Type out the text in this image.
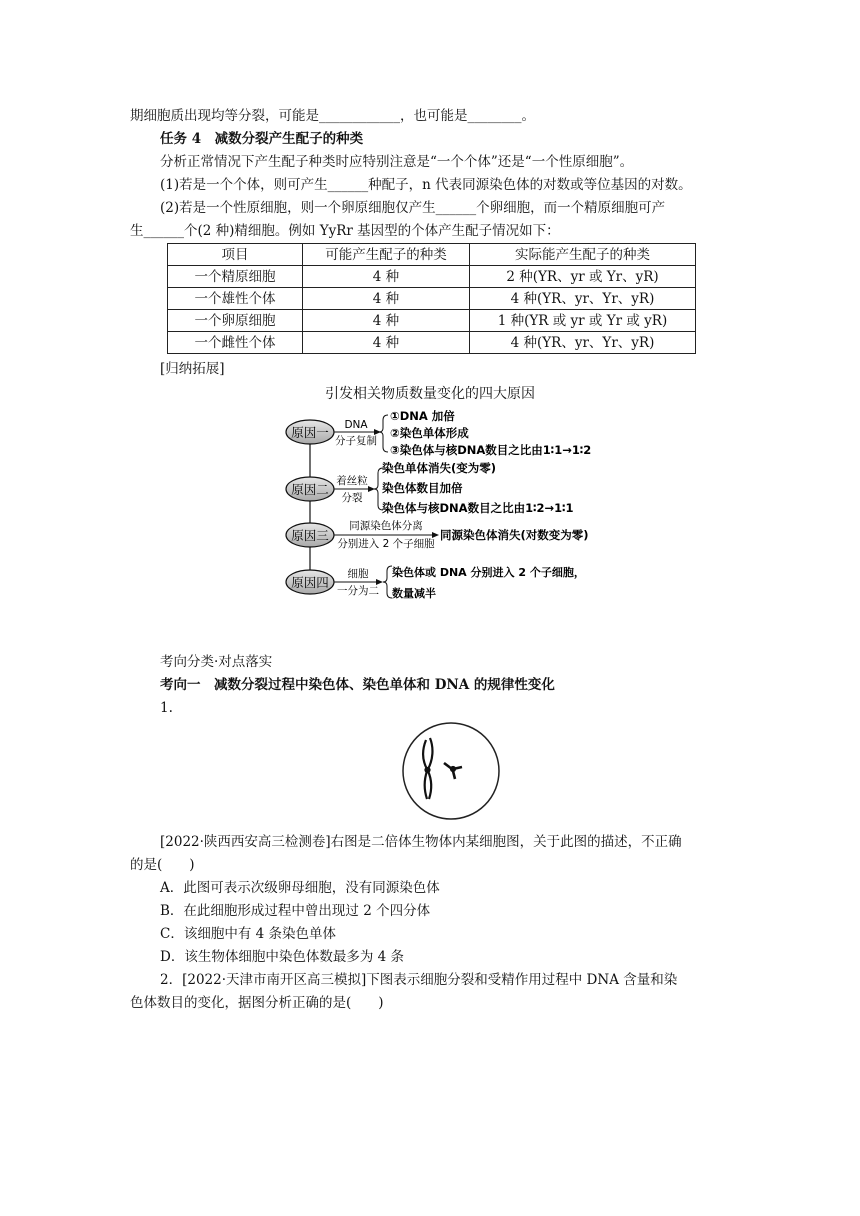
期细胞质出现均等分裂，可能是____________，也可能是________。
任务 4　减数分裂产生配子的种类
分析正常情况下产生配子种类时应特别注意是“一个个体”还是“一个性原细胞”。
(1)若是一个个体，则可产生______种配子，n 代表同源染色体的对数或等位基因的对数。
(2)若是一个性原细胞，则一个卵原细胞仅产生______个卵细胞，而一个精原细胞可产
生______个(2 种)精细胞。例如 YyRr 基因型的个体产生配子情况如下：
项目	可能产生配子的种类	实际能产生配子的种类
一个精原细胞	4 种	2 种(YR、yr 或 Yr、yR)
一个雄性个体	4 种	4 种(YR、yr、Yr、yR)
一个卵原细胞	4 种	1 种(YR 或 yr 或 Yr 或 yR)
一个雌性个体	4 种	4 种(YR、yr、Yr、yR)
[归纳拓展]
引发相关物质数量变化的四大原因
原因一 DNA
分子复制
①DNA 加倍
②染色单体形成
③染色体与核DNA数目之比由1∶1→1∶2
原因二
着丝粒
分裂
染色单体消失(变为零)
染色体数目加倍
染色体与核DNA数目之比由1∶2→1∶1
原因三
同源染色体分离
分别进入 2 个子细胞
同源染色体消失(对数变为零)
原因四
细胞
一分为二
染色体或 DNA 分别进入 2 个子细胞，
数量减半
考向分类·对点落实
考向一　减数分裂过程中染色体、染色单体和 DNA 的规律性变化
1.
[2022·陕西西安高三检测卷]右图是二倍体生物体内某细胞图，关于此图的描述，不正确
的是(　　)
A．此图可表示次级卵母细胞，没有同源染色体
B．在此细胞形成过程中曾出现过 2 个四分体
C．该细胞中有 4 条染色单体
D．该生物体细胞中染色体数最多为 4 条
2．[2022·天津市南开区高三模拟]下图表示细胞分裂和受精作用过程中 DNA 含量和染
色体数目的变化，据图分析正确的是(　　)
